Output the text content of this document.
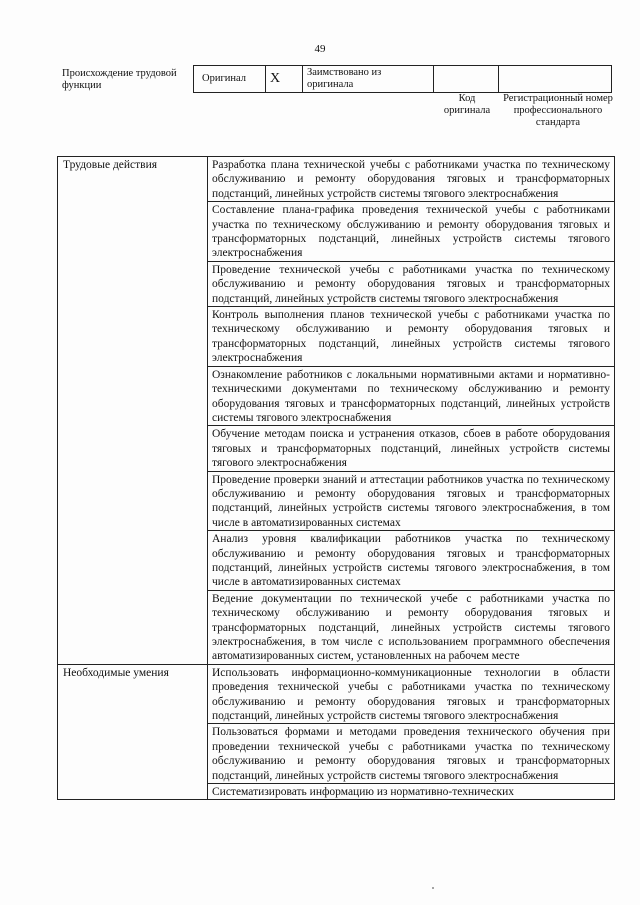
49
Происхождение трудовой функции
Оригинал	X	Заимствовано из оригинала		
Код оригинала
Регистрационный номер профессионального стандарта
Трудовые действия	Разработка плана технической учебы с работниками участка по техническому обслуживанию и ремонту оборудования тяговых и трансформаторных подстанций, линейных устройств системы тягового электроснабжения
	Составление плана-графика проведения технической учебы с работниками участка по техническому обслуживанию и ремонту оборудования тяговых и трансформаторных подстанций, линейных устройств системы тягового электроснабжения
	Проведение технической учебы с работниками участка по техническому обслуживанию и ремонту оборудования тяговых и трансформаторных подстанций, линейных устройств системы тягового электроснабжения
	Контроль выполнения планов технической учебы с работниками участка по техническому обслуживанию и ремонту оборудования тяговых и трансформаторных подстанций, линейных устройств системы тягового электроснабжения
	Ознакомление работников с локальными нормативными актами и нормативно-техническими документами по техническому обслуживанию и ремонту оборудования тяговых и трансформаторных подстанций, линейных устройств системы тягового электроснабжения
	Обучение методам поиска и устранения отказов, сбоев в работе оборудования тяговых и трансформаторных подстанций, линейных устройств системы тягового электроснабжения
	Проведение проверки знаний и аттестации работников участка по техническому обслуживанию и ремонту оборудования тяговых и трансформаторных подстанций, линейных устройств системы тягового электроснабжения, в том числе в автоматизированных системах
	Анализ уровня квалификации работников участка по техническому обслуживанию и ремонту оборудования тяговых и трансформаторных подстанций, линейных устройств системы тягового электроснабжения, в том числе в автоматизированных системах
	Ведение документации по технической учебе с работниками участка по техническому обслуживанию и ремонту оборудования тяговых и трансформаторных подстанций, линейных устройств системы тягового электроснабжения, в том числе с использованием программного обеспечения автоматизированных систем, установленных на рабочем месте
Необходимые умения	Использовать информационно-коммуникационные технологии в области проведения технической учебы с работниками участка по техническому обслуживанию и ремонту оборудования тяговых и трансформаторных подстанций, линейных устройств системы тягового электроснабжения
	Пользоваться формами и методами проведения технического обучения при проведении технической учебы с работниками участка по техническому обслуживанию и ремонту оборудования тяговых и трансформаторных подстанций, линейных устройств системы тягового электроснабжения
	Систематизировать информацию из нормативно-технических
